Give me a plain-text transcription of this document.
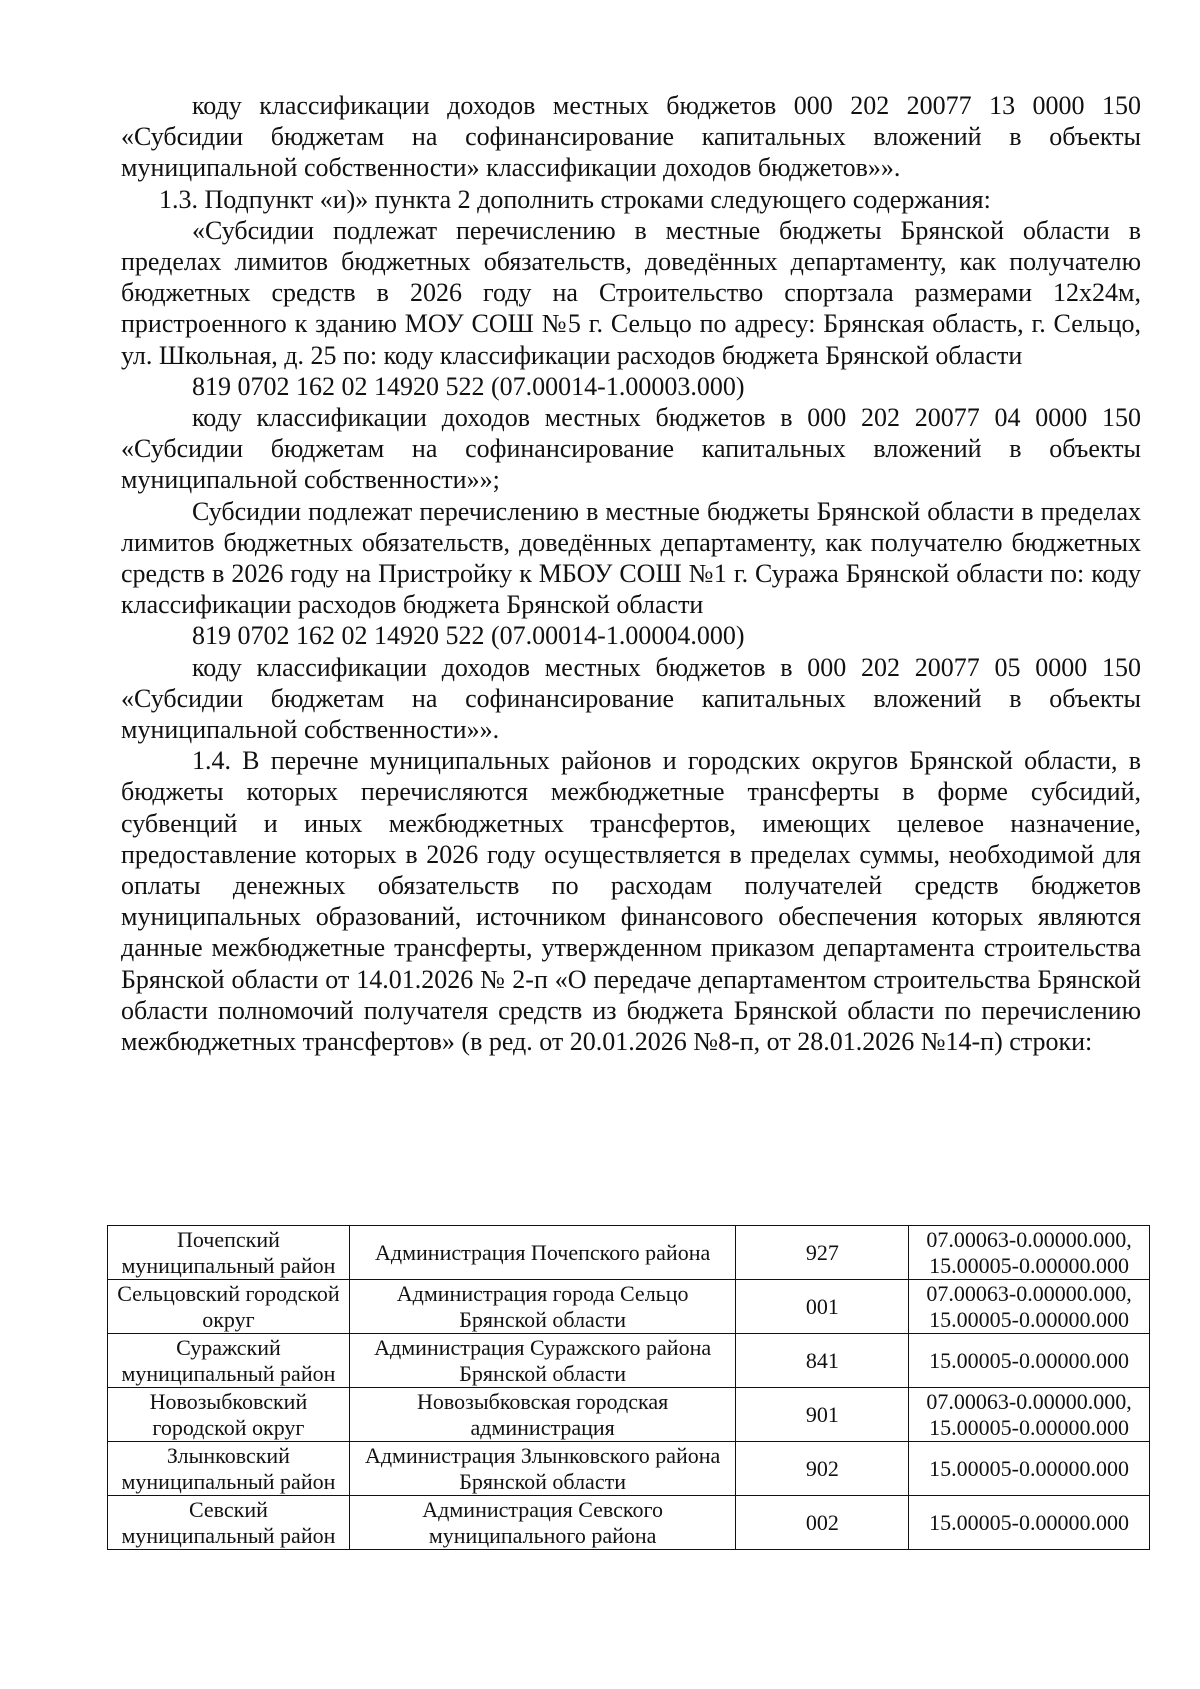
кодy классификации доходов местных бюджетов 000 202 20077 13 0000 150 «Субсидии бюджетам на софинансирование капитальных вложений в объекты муниципальной собственности» классификации доходов бюджетов»».

1.3. Подпункт «и)» пункта 2 дополнить строками следующего содержания:

«Субсидии подлежат перечислению в местные бюджеты Брянской области в пределах лимитов бюджетных обязательств, доведённых департаменту, как получателю бюджетных средств в 2026 году на Строительство спортзала размерами 12х24м, пристроенного к зданию МОУ СОШ №5 г. Сельцо по адресу: Брянская область, г. Сельцо, ул. Школьная, д. 25 по: коду классификации расходов бюджета Брянской области

819 0702 162 02 14920 522 (07.00014-1.00003.000)

коду классификации доходов местных бюджетов в 000 202 20077 04 0000 150 «Субсидии бюджетам на софинансирование капитальных вложений в объекты муниципальной собственности»»;

Субсидии подлежат перечислению в местные бюджеты Брянской области в пределах лимитов бюджетных обязательств, доведённых департаменту, как получателю бюджетных средств в 2026 году на Пристройку к МБОУ СОШ №1 г. Суража Брянской области по: коду классификации расходов бюджета Брянской области

819 0702 162 02 14920 522 (07.00014-1.00004.000)

коду классификации доходов местных бюджетов в 000 202 20077 05 0000 150 «Субсидии бюджетам на софинансирование капитальных вложений в объекты муниципальной собственности»».

1.4. В перечне муниципальных районов и городских округов Брянской области, в бюджеты которых перечисляются межбюджетные трансферты в форме субсидий, субвенций и иных межбюджетных трансфертов, имеющих целевое назначение, предоставление которых в 2026 году осуществляется в пределах суммы, необходимой для оплаты денежных обязательств по расходам получателей средств бюджетов муниципальных образований, источником финансового обеспечения которых являются данные межбюджетные трансферты, утвержденном приказом департамента строительства Брянской области от 14.01.2026 № 2-п «О передаче департаментом строительства Брянской области полномочий получателя средств из бюджета Брянской области по перечислению межбюджетных трансфертов» (в ред. от 20.01.2026 №8-п, от 28.01.2026 №14-п) строки:

Почепский муниципальный район	Администрация Почепского района	927	07.00063-0.00000.000, 15.00005-0.00000.000
Сельцовский городской округ	Администрация города Сельцо Брянской области	001	07.00063-0.00000.000, 15.00005-0.00000.000
Суражский муниципальный район	Администрация Суражского района Брянской области	841	15.00005-0.00000.000
Новозыбковский городской округ	Новозыбковская городская администрация	901	07.00063-0.00000.000, 15.00005-0.00000.000
Злынковский муниципальный район	Администрация Злынковского района Брянской области	902	15.00005-0.00000.000
Севский муниципальный район	Администрация Севского муниципального района	002	15.00005-0.00000.000
